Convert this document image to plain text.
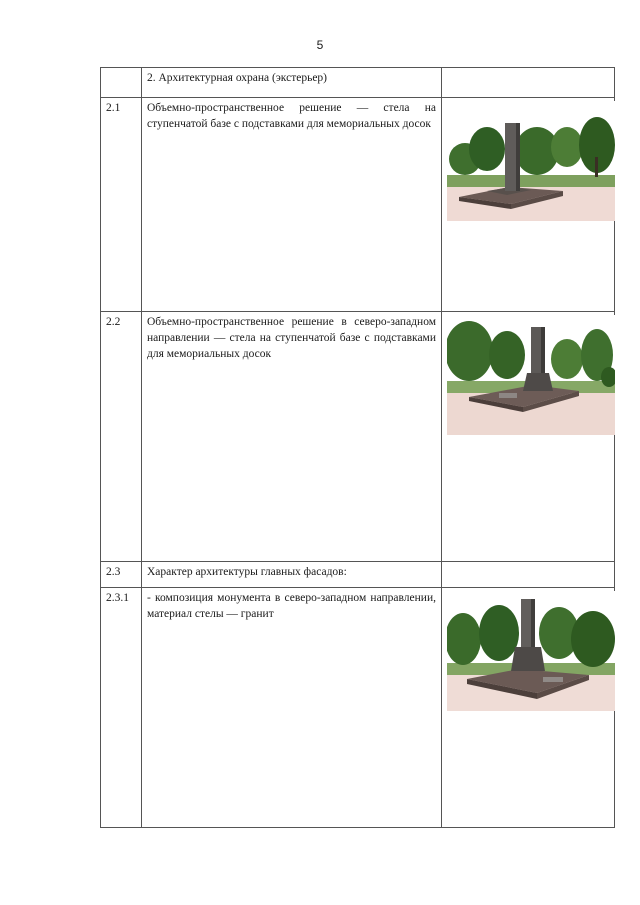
5
	2. Архитектурная охрана (экстерьер)	
2.1	Объемно-пространственное решение — стела на ступенчатой базе с подставками для мемориальных досок	

2.2	Объемно-пространственное решение в северо-западном направлении — стела на ступенчатой базе с подставками для мемориальных досок	

2.3	Характер архитектуры главных фасадов:	
2.3.1	- композиция монумента в северо-западном направлении, материал стелы — гранит	
